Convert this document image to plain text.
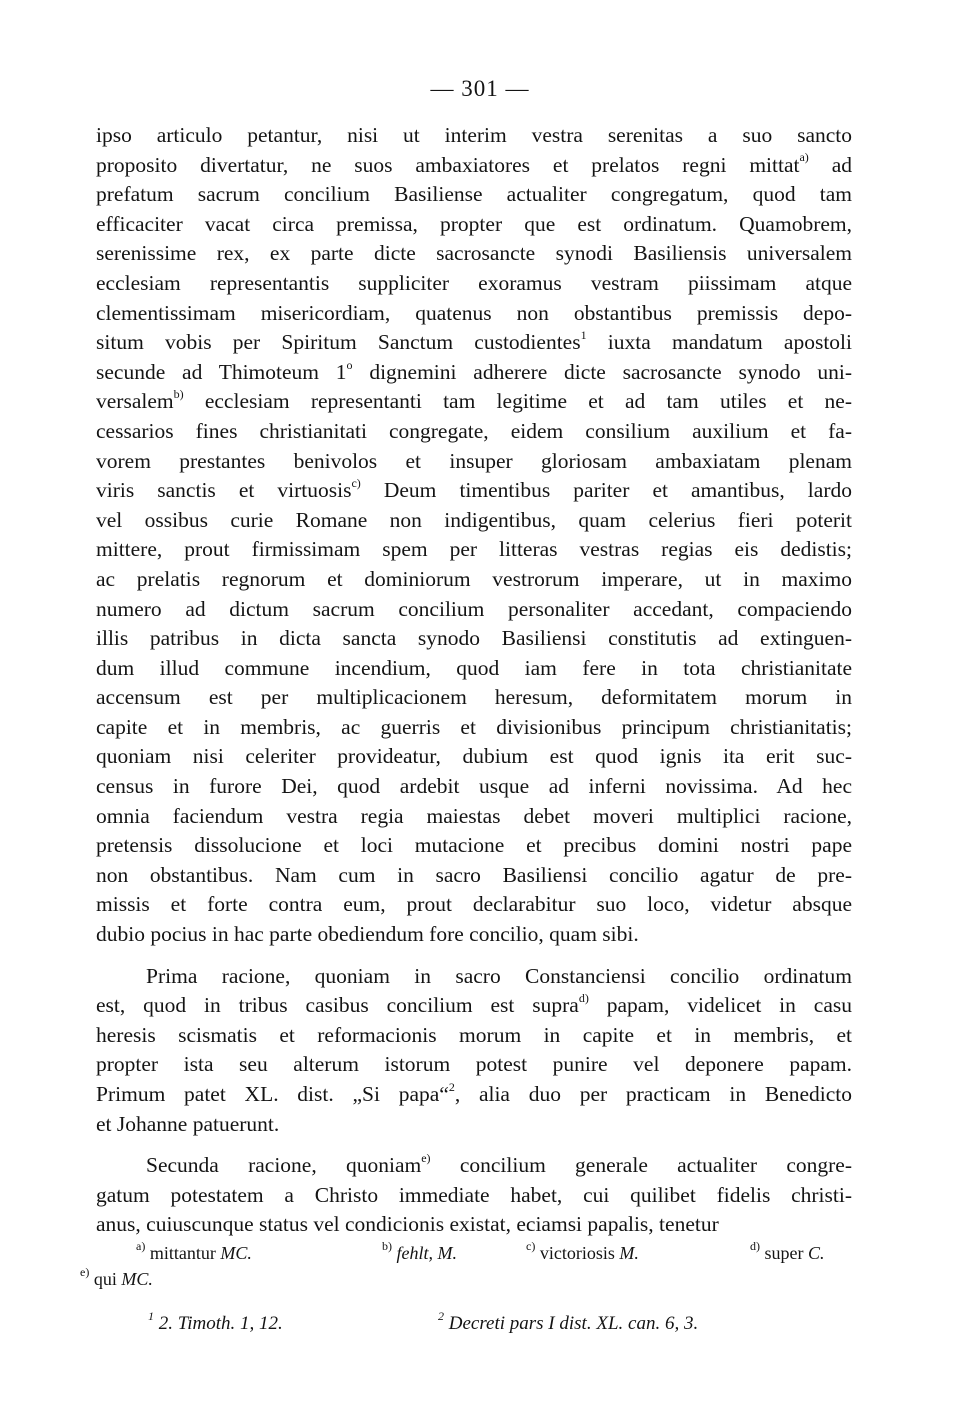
— 301 —
ipso articulo petantur, nisi ut interim vestra serenitas a suo sancto
proposito divertatur, ne suos ambaxiatores et prelatos regni mittat$^{a)}$ ad
prefatum sacrum concilium Basiliense actualiter congregatum, quod tam
efficaciter vacat circa premissa, propter que est ordinatum. Quamobrem,
serenissime rex, ex parte dicte sacrosancte synodi Basiliensis universalem
ecclesiam representantis suppliciter exoramus vestram piissimam atque
clementissimam misericordiam, quatenus non obstantibus premissis depo-
situm vobis per Spiritum Sanctum custodientes$^1$ iuxta mandatum apostoli
secunde ad Thimoteum 1$^o$ dignemini adherere dicte sacrosancte synodo uni-
versalem$^{b)}$ ecclesiam representanti tam legitime et ad tam utiles et ne-
cessarios fines christianitati congregate, eidem consilium auxilium et fa-
vorem prestantes benivolos et insuper gloriosam ambaxiatam plenam
viris sanctis et virtuosis$^{c)}$ Deum timentibus pariter et amantibus, lardo
vel ossibus curie Romane non indigentibus, quam celerius fieri poterit
mittere, prout firmissimam spem per litteras vestras regias eis dedistis;
ac prelatis regnorum et dominiorum vestrorum imperare, ut in maximo
numero ad dictum sacrum concilium personaliter accedant, compaciendo
illis patribus in dicta sancta synodo Basiliensi constitutis ad extinguen-
dum illud commune incendium, quod iam fere in tota christianitate
accensum est per multiplicacionem heresum, deformitatem morum in
capite et in membris, ac guerris et divisionibus principum christianitatis;
quoniam nisi celeriter provideatur, dubium est quod ignis ita erit suc-
census in furore Dei, quod ardebit usque ad inferni novissima. Ad hec
omnia faciendum vestra regia maiestas debet moveri multiplici racione,
pretensis dissolucione et loci mutacione et precibus domini nostri pape
non obstantibus. Nam cum in sacro Basiliensi concilio agatur de pre-
missis et forte contra eum, prout declarabitur suo loco, videtur absque
dubio pocius in hac parte obediendum fore concilio, quam sibi.
Prima racione, quoniam in sacro Constanciensi concilio ordinatum
est, quod in tribus casibus concilium est supra$^{d)}$ papam, videlicet in casu
heresis scismatis et reformacionis morum in capite et in membris, et
propter ista seu alterum istorum potest punire vel deponere papam.
Primum patet XL. dist. „Si papa“$^2$, alia duo per practicam in Benedicto
et Johanne patuerunt.
Secunda racione, quoniam$^{e)}$ concilium generale actualiter congre-
gatum potestatem a Christo immediate habet, cui quilibet fidelis christi-
anus, cuiuscunque status vel condicionis existat, eciamsi papalis, tenetur
$^{a)}$ mittantur MC.	$^{b)}$ fehlt, M.	$^{c)}$ victoriosis M.	$^{d)}$ super C.
$^{e)}$ qui MC.
$^1$ 2. Timoth. 1, 12.	$^2$ Decreti pars I dist. XL. can. 6, 3.
